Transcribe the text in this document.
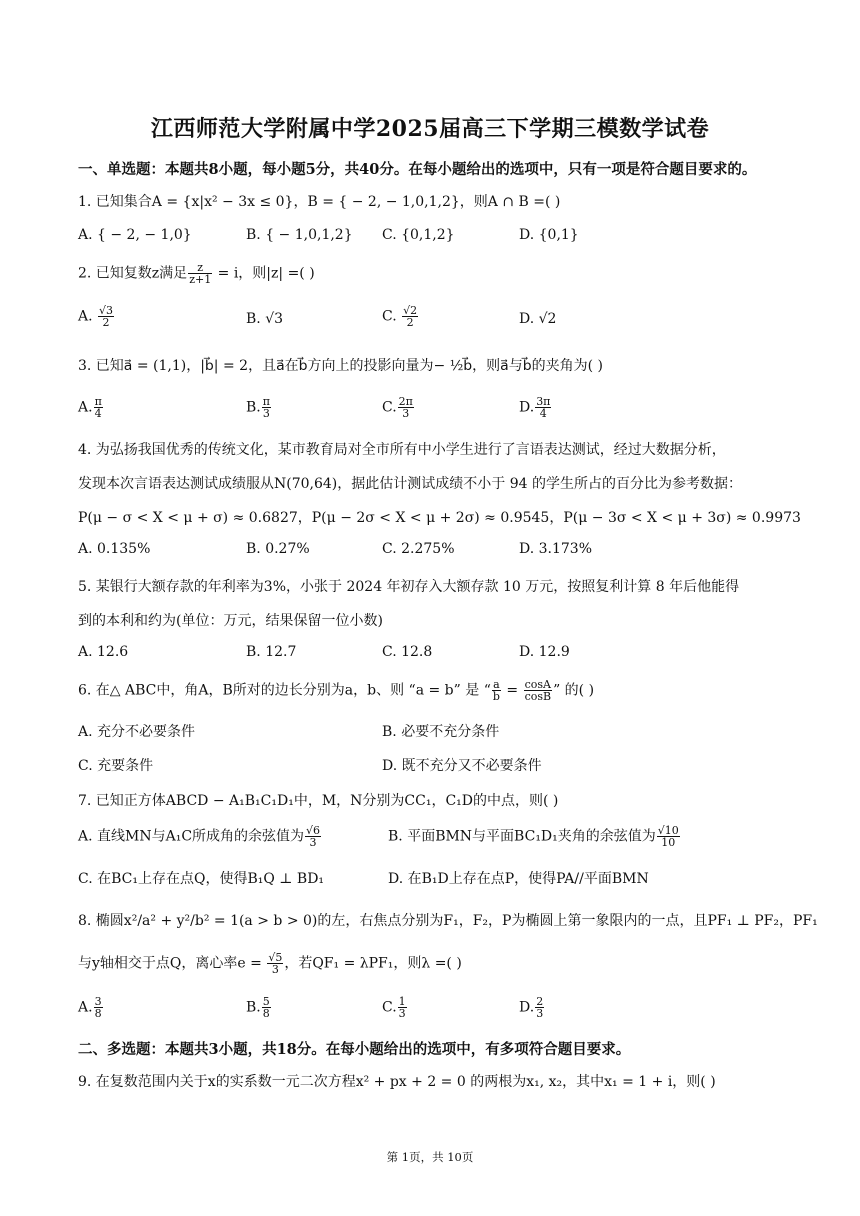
江西师范大学附属中学2025届高三下学期三模数学试卷
一、单选题：本题共8小题，每小题5分，共40分。在每小题给出的选项中，只有一项是符合题目要求的。
1. 已知集合A = {x|x² − 3x ≤ 0}，B = { − 2, − 1,0,1,2}，则A ∩ B =( )
A. { − 2, − 1,0}	B. { − 1,0,1,2} C. {0,1,2}	D. {0,1}
2. 已知复数z满足 $\frac{z}{z+1} = i$，则|z| =( )
A. $\frac{√3}{2}$	B. √3	C. $\frac{√2}{2}$	D. √2
3. 已知a⃗ = (1,1)，|b⃗| = 2，且a⃗在b⃗方向上的投影向量为− ½b⃗，则a⃗与b⃗的夹角为( )
A. $\frac{\pi}{4}$	B. $\frac{\pi}{3}$	C. $\frac{2\pi}{3}$	D. $\frac{3\pi}{4}$
4. 为弘扬我国优秀的传统文化，某市教育局对全市所有中小学生进行了言语表达测试，经过大数据分析，
发现本次言语表达测试成绩服从N(70,64)，据此估计测试成绩不小于 94 的学生所占的百分比为参考数据：
P(μ − σ < X < μ + σ) ≈ 0.6827，P(μ − 2σ < X < μ + 2σ) ≈ 0.9545，P(μ − 3σ < X < μ + 3σ) ≈ 0.9973
A. 0.135%	B. 0.27%	C. 2.275%	D. 3.173%
5. 某银行大额存款的年利率为3%，小张于 2024 年初存入大额存款 10 万元，按照复利计算 8 年后他能得
到的本利和约为(单位：万元，结果保留一位小数)
A. 12.6	B. 12.7	C. 12.8	D. 12.9
6. 在△ ABC中，角A，B所对的边长分别为a，b、则 “a = b” 是 “ $\frac{a}{b} = \frac{\cos A}{\cos B}$ ” 的( )
A. 充分不必要条件	B. 必要不充分条件
C. 充要条件	D. 既不充分又不必要条件
7. 已知正方体ABCD − A₁B₁C₁D₁中，M，N分别为CC₁，C₁D的中点，则( )
A. 直线MN与A₁C所成角的余弦值为 $\frac{√6}{3}$	B. 平面BMN与平面BC₁D₁夹角的余弦值为 $\frac{√10}{10}$
C. 在BC₁上存在点Q，使得B₁Q ⊥ BD₁	D. 在B₁D上存在点P，使得PA//平面BMN
8. 椭圆x²/a² + y²/b² = 1(a > b > 0)的左，右焦点分别为F₁，F₂，P为椭圆上第一象限内的一点，且PF₁ ⊥ PF₂，PF₁
与y轴相交于点Q，离心率$e = \frac{√5}{3}$ ，若QF₁ = λPF₁，则λ =( )
A. $\frac{3}{8}$	B. $\frac{5}{8}$	C. $\frac{1}{3}$	D. $\frac{2}{3}$
二、多选题：本题共3小题，共18分。在每小题给出的选项中，有多项符合题目要求。
9. 在复数范围内关于x的实系数一元二次方程x² + px + 2 = 0 的两根为x₁, x₂，其中x₁ = 1 + i，则( )
第 1页，共 10页
